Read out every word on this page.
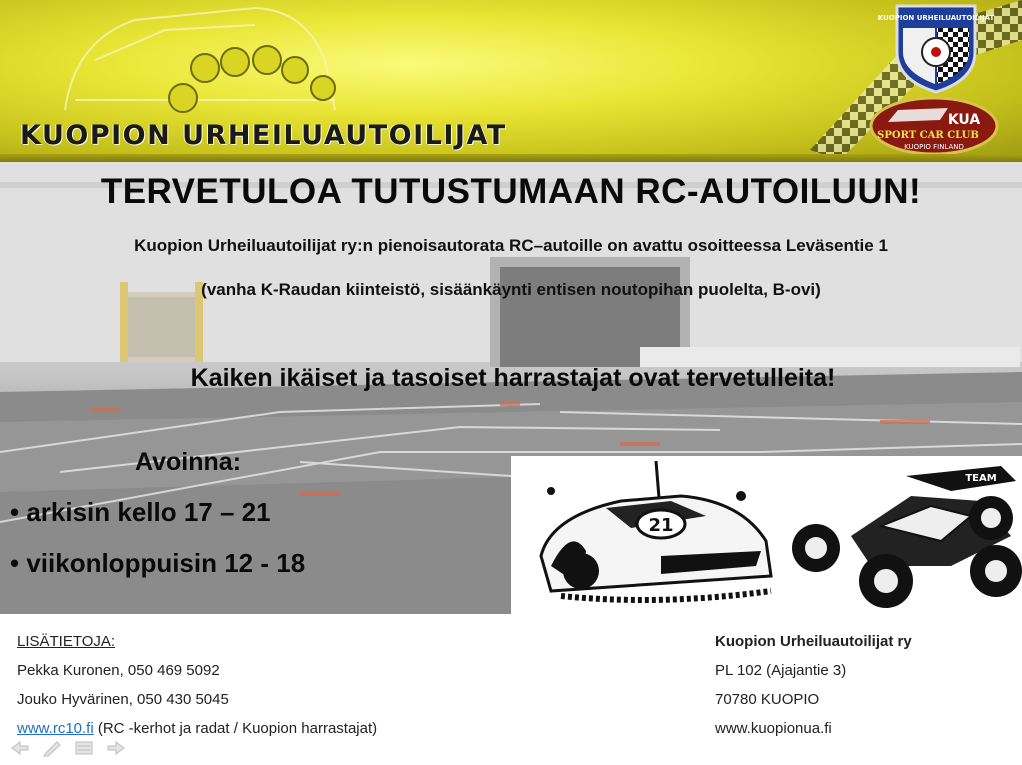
KUOPION URHEILUAUTOILIJAT
KUOPION URHEILUAUTOILIJAT
KUA
SPORT CAR CLUB
KUOPIO FINLAND
TERVETULOA TUTUSTUMAAN RC-AUTOILUUN!
Kuopion Urheiluautoilijat ry:n pienoisautorata RC–autoille on avattu osoitteessa Leväsentie 1
(vanha K-Raudan kiinteistö, sisäänkäynti entisen noutopihan puolelta, B-ovi)
Kaiken ikäiset ja tasoiset harrastajat ovat tervetulleita!
Avoinna:
• arkisin kello 17 – 21
• viikonloppuisin 12 - 18
21
TEAM
LISÄTIETOJA:
Pekka Kuronen, 050 469 5092
Jouko Hyvärinen, 050 430 5045
www.rc10.fi (RC -kerhot ja radat / Kuopion harrastajat)
Kuopion Urheiluautoilijat ry
PL 102 (Ajajantie 3)
70780 KUOPIO
www.kuopionua.fi
